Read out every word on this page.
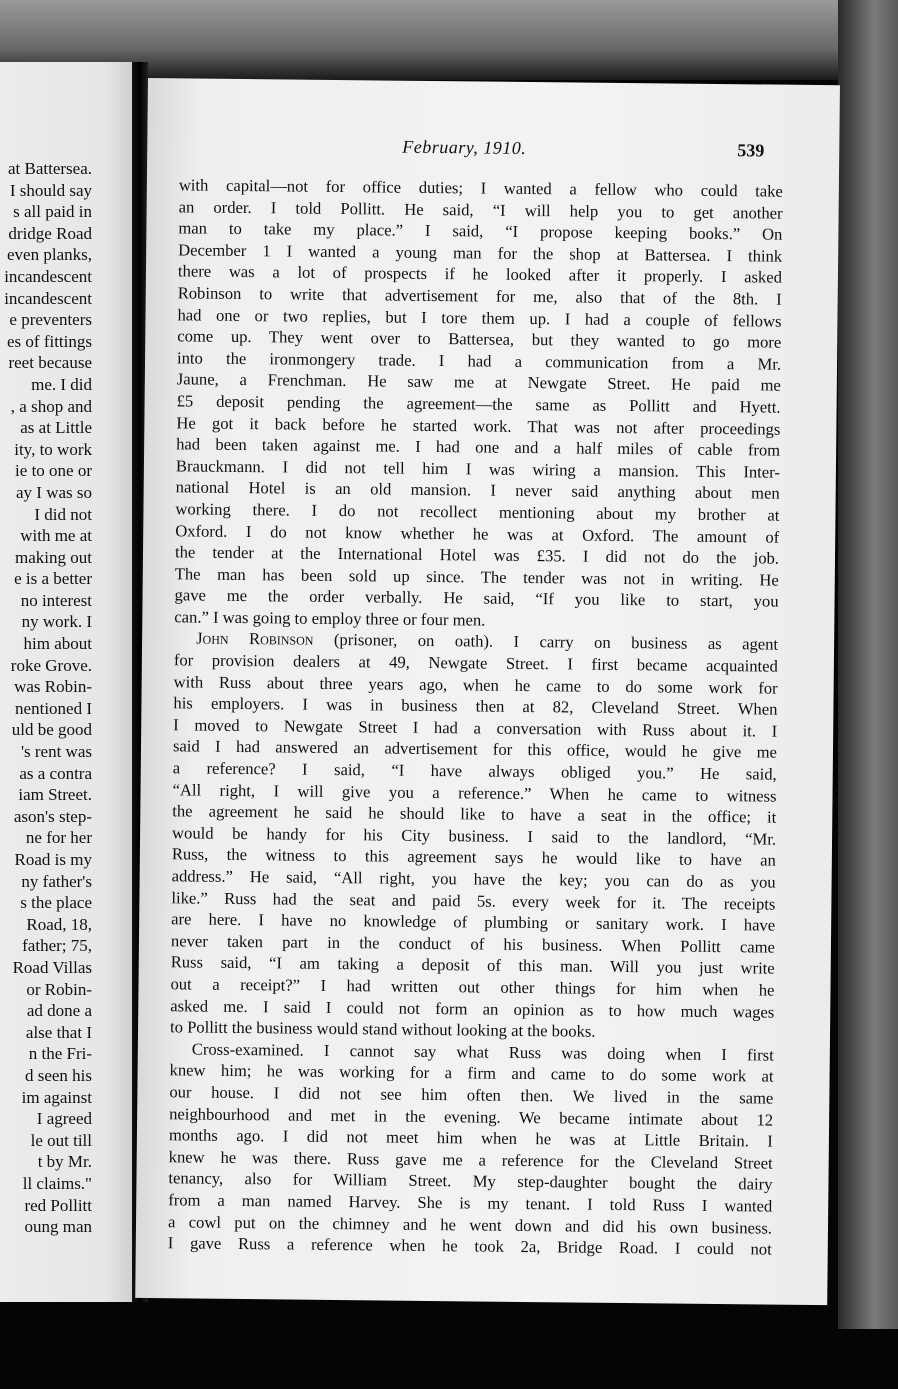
at Battersea.
I should say
s all paid in
dridge Road
even planks,
incandescent
incandescent
e preventers
es of fittings
reet because
me. I did
, a shop and
as at Little
ity, to work
ie to one or
ay I was so
I did not
with me at
making out
e is a better
no interest
ny work. I
him about
roke Grove.
was Robin-
nentioned I
uld be good
's rent was
as a contra
iam Street.
ason's step-
ne for her
Road is my
ny father's
s the place
Road, 18,
father; 75,
Road Villas
or Robin-
ad done a
alse that I
n the Fri-
d seen his
im against
I agreed
le out till
t by Mr.
ll claims."
red Pollitt
oung man
February, 1910.	539
with capital—not for office duties; I wanted a fellow who could take
an order. I told Pollitt. He said, “I will help you to get another
man to take my place.” I said, “I propose keeping books.” On
December 1 I wanted a young man for the shop at Battersea. I think
there was a lot of prospects if he looked after it properly. I asked
Robinson to write that advertisement for me, also that of the 8th. I
had one or two replies, but I tore them up. I had a couple of fellows
come up. They went over to Battersea, but they wanted to go more
into the ironmongery trade. I had a communication from a Mr.
Jaune, a Frenchman. He saw me at Newgate Street. He paid me
£5 deposit pending the agreement—the same as Pollitt and Hyett.
He got it back before he started work. That was not after proceedings
had been taken against me. I had one and a half miles of cable from
Brauckmann. I did not tell him I was wiring a mansion. This Inter-
national Hotel is an old mansion. I never said anything about men
working there. I do not recollect mentioning about my brother at
Oxford. I do not know whether he was at Oxford. The amount of
the tender at the International Hotel was £35. I did not do the job.
The man has been sold up since. The tender was not in writing. He
gave me the order verbally. He said, “If you like to start, you
can.” I was going to employ three or four men.
John Robinson (prisoner, on oath). I carry on business as agent
for provision dealers at 49, Newgate Street. I first became acquainted
with Russ about three years ago, when he came to do some work for
his employers. I was in business then at 82, Cleveland Street. When
I moved to Newgate Street I had a conversation with Russ about it. I
said I had answered an advertisement for this office, would he give me
a reference? I said, “I have always obliged you.” He said,
“All right, I will give you a reference.” When he came to witness
the agreement he said he should like to have a seat in the office; it
would be handy for his City business. I said to the landlord, “Mr.
Russ, the witness to this agreement says he would like to have an
address.” He said, “All right, you have the key; you can do as you
like.” Russ had the seat and paid 5s. every week for it. The receipts
are here. I have no knowledge of plumbing or sanitary work. I have
never taken part in the conduct of his business. When Pollitt came
Russ said, “I am taking a deposit of this man. Will you just write
out a receipt?” I had written out other things for him when he
asked me. I said I could not form an opinion as to how much wages
to Pollitt the business would stand without looking at the books.
Cross-examined. I cannot say what Russ was doing when I first
knew him; he was working for a firm and came to do some work at
our house. I did not see him often then. We lived in the same
neighbourhood and met in the evening. We became intimate about 12
months ago. I did not meet him when he was at Little Britain. I
knew he was there. Russ gave me a reference for the Cleveland Street
tenancy, also for William Street. My step-daughter bought the dairy
from a man named Harvey. She is my tenant. I told Russ I wanted
a cowl put on the chimney and he went down and did his own business.
I gave Russ a reference when he took 2a, Bridge Road. I could not
